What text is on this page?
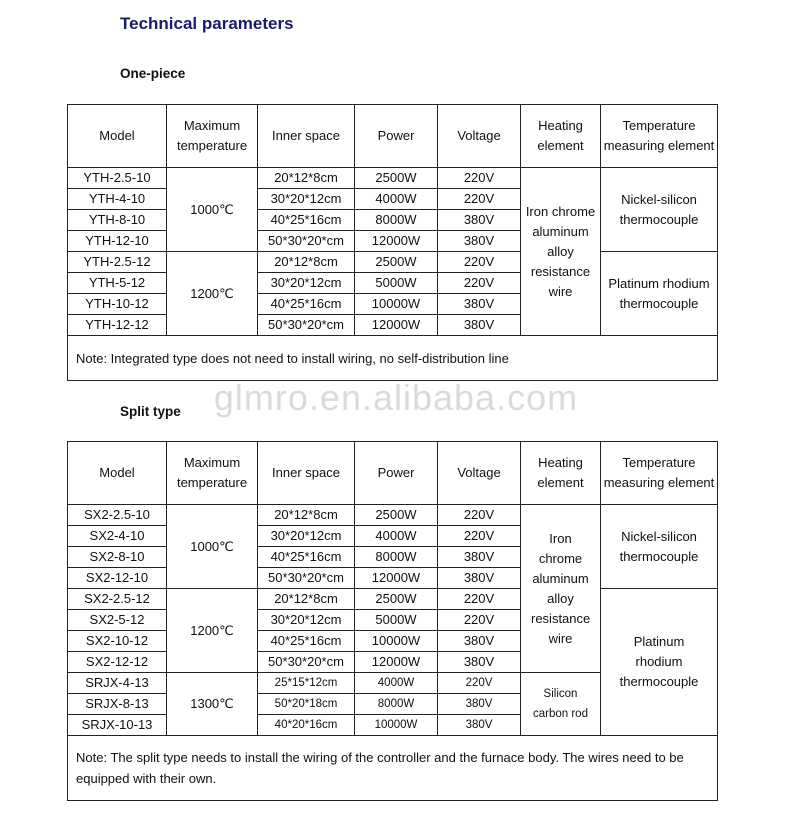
Technical parameters
One-piece
Model	Maximum temperature	Inner space	Power	Voltage	Heating element	Temperature measuring element
YTH-2.5-10	1000℃	20*12*8cm	2500W	220V	Iron chrome aluminum alloy resistance wire	Nickel-silicon thermocouple
YTH-4-10		30*20*12cm	4000W	220V		
YTH-8-10		40*25*16cm	8000W	380V		
YTH-12-10		50*30*20*cm	12000W	380V		
YTH-2.5-12	1200℃	20*12*8cm	2500W	220V		Platinum rhodium thermocouple
YTH-5-12		30*20*12cm	5000W	220V		
YTH-10-12		40*25*16cm	10000W	380V		
YTH-12-12		50*30*20*cm	12000W	380V		
Note: Integrated type does not need to install wiring, no self-distribution line						
glmro.en.alibaba.com
Split type
Model	Maximum temperature	Inner space	Power	Voltage	Heating element	Temperature measuring element
SX2-2.5-10	1000℃	20*12*8cm	2500W	220V	Iron chrome aluminum alloy resistance wire	Nickel-silicon thermocouple
SX2-4-10		30*20*12cm	4000W	220V		
SX2-8-10		40*25*16cm	8000W	380V		
SX2-12-10		50*30*20*cm	12000W	380V		
SX2-2.5-12	1200℃	20*12*8cm	2500W	220V		Platinum rhodium thermocouple
SX2-5-12		30*20*12cm	5000W	220V		
SX2-10-12		40*25*16cm	10000W	380V		
SX2-12-12		50*30*20*cm	12000W	380V		
SRJX-4-13	1300℃	25*15*12cm	4000W	220V	Silicon carbon rod	
SRJX-8-13		50*20*18cm	8000W	380V		
SRJX-10-13		40*20*16cm	10000W	380V		
Note: The split type needs to install the wiring of the controller and the furnace body. The wires need to be equipped with their own.						
